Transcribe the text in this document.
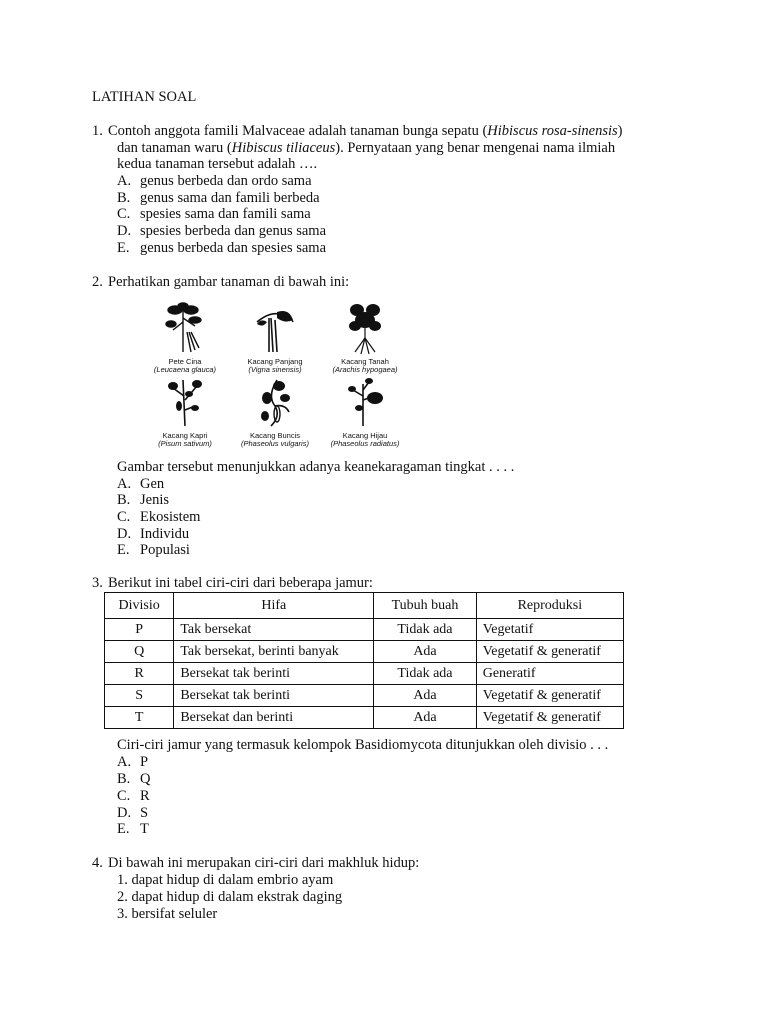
LATIHAN SOAL
1. Contoh anggota famili Malvaceae adalah tanaman bunga sepatu (Hibiscus rosa-sinensis)
dan tanaman waru (Hibiscus tiliaceus). Pernyataan yang benar mengenai nama ilmiah
kedua tanaman tersebut adalah ….
A. genus berbeda dan ordo sama
B. genus sama dan famili berbeda
C. spesies sama dan famili sama
D. spesies berbeda dan genus sama
E. genus berbeda dan spesies sama
2. Perhatikan gambar tanaman di bawah ini:
Pete Cina
(Leucaena glauca)
Kacang Panjang
(Vigna sinensis)
Kacang Tanah
(Arachis hypogaea)
Kacang Kapri
(Pisum sativum)
Kacang Buncis
(Phaseolus vulgaris)
Kacang Hijau
(Phaseolus radiatus)
Gambar tersebut menunjukkan adanya keanekaragaman tingkat . . . .
A. Gen
B. Jenis
C. Ekosistem
D. Individu
E. Populasi
3. Berikut ini tabel ciri-ciri dari beberapa jamur:
Divisio	Hifa	Tubuh buah	Reproduksi
P	Tak bersekat	Tidak ada	Vegetatif
Q	Tak bersekat, berinti banyak	Ada	Vegetatif & generatif
R	Bersekat tak berinti	Tidak ada	Generatif
S	Bersekat tak berinti	Ada	Vegetatif & generatif
T	Bersekat dan berinti	Ada	Vegetatif & generatif
Ciri-ciri jamur yang termasuk kelompok Basidiomycota ditunjukkan oleh divisio . . .
A. P
B. Q
C. R
D. S
E. T
4. Di bawah ini merupakan ciri-ciri dari makhluk hidup:
1. dapat hidup di dalam embrio ayam
2. dapat hidup di dalam ekstrak daging
3. bersifat seluler
